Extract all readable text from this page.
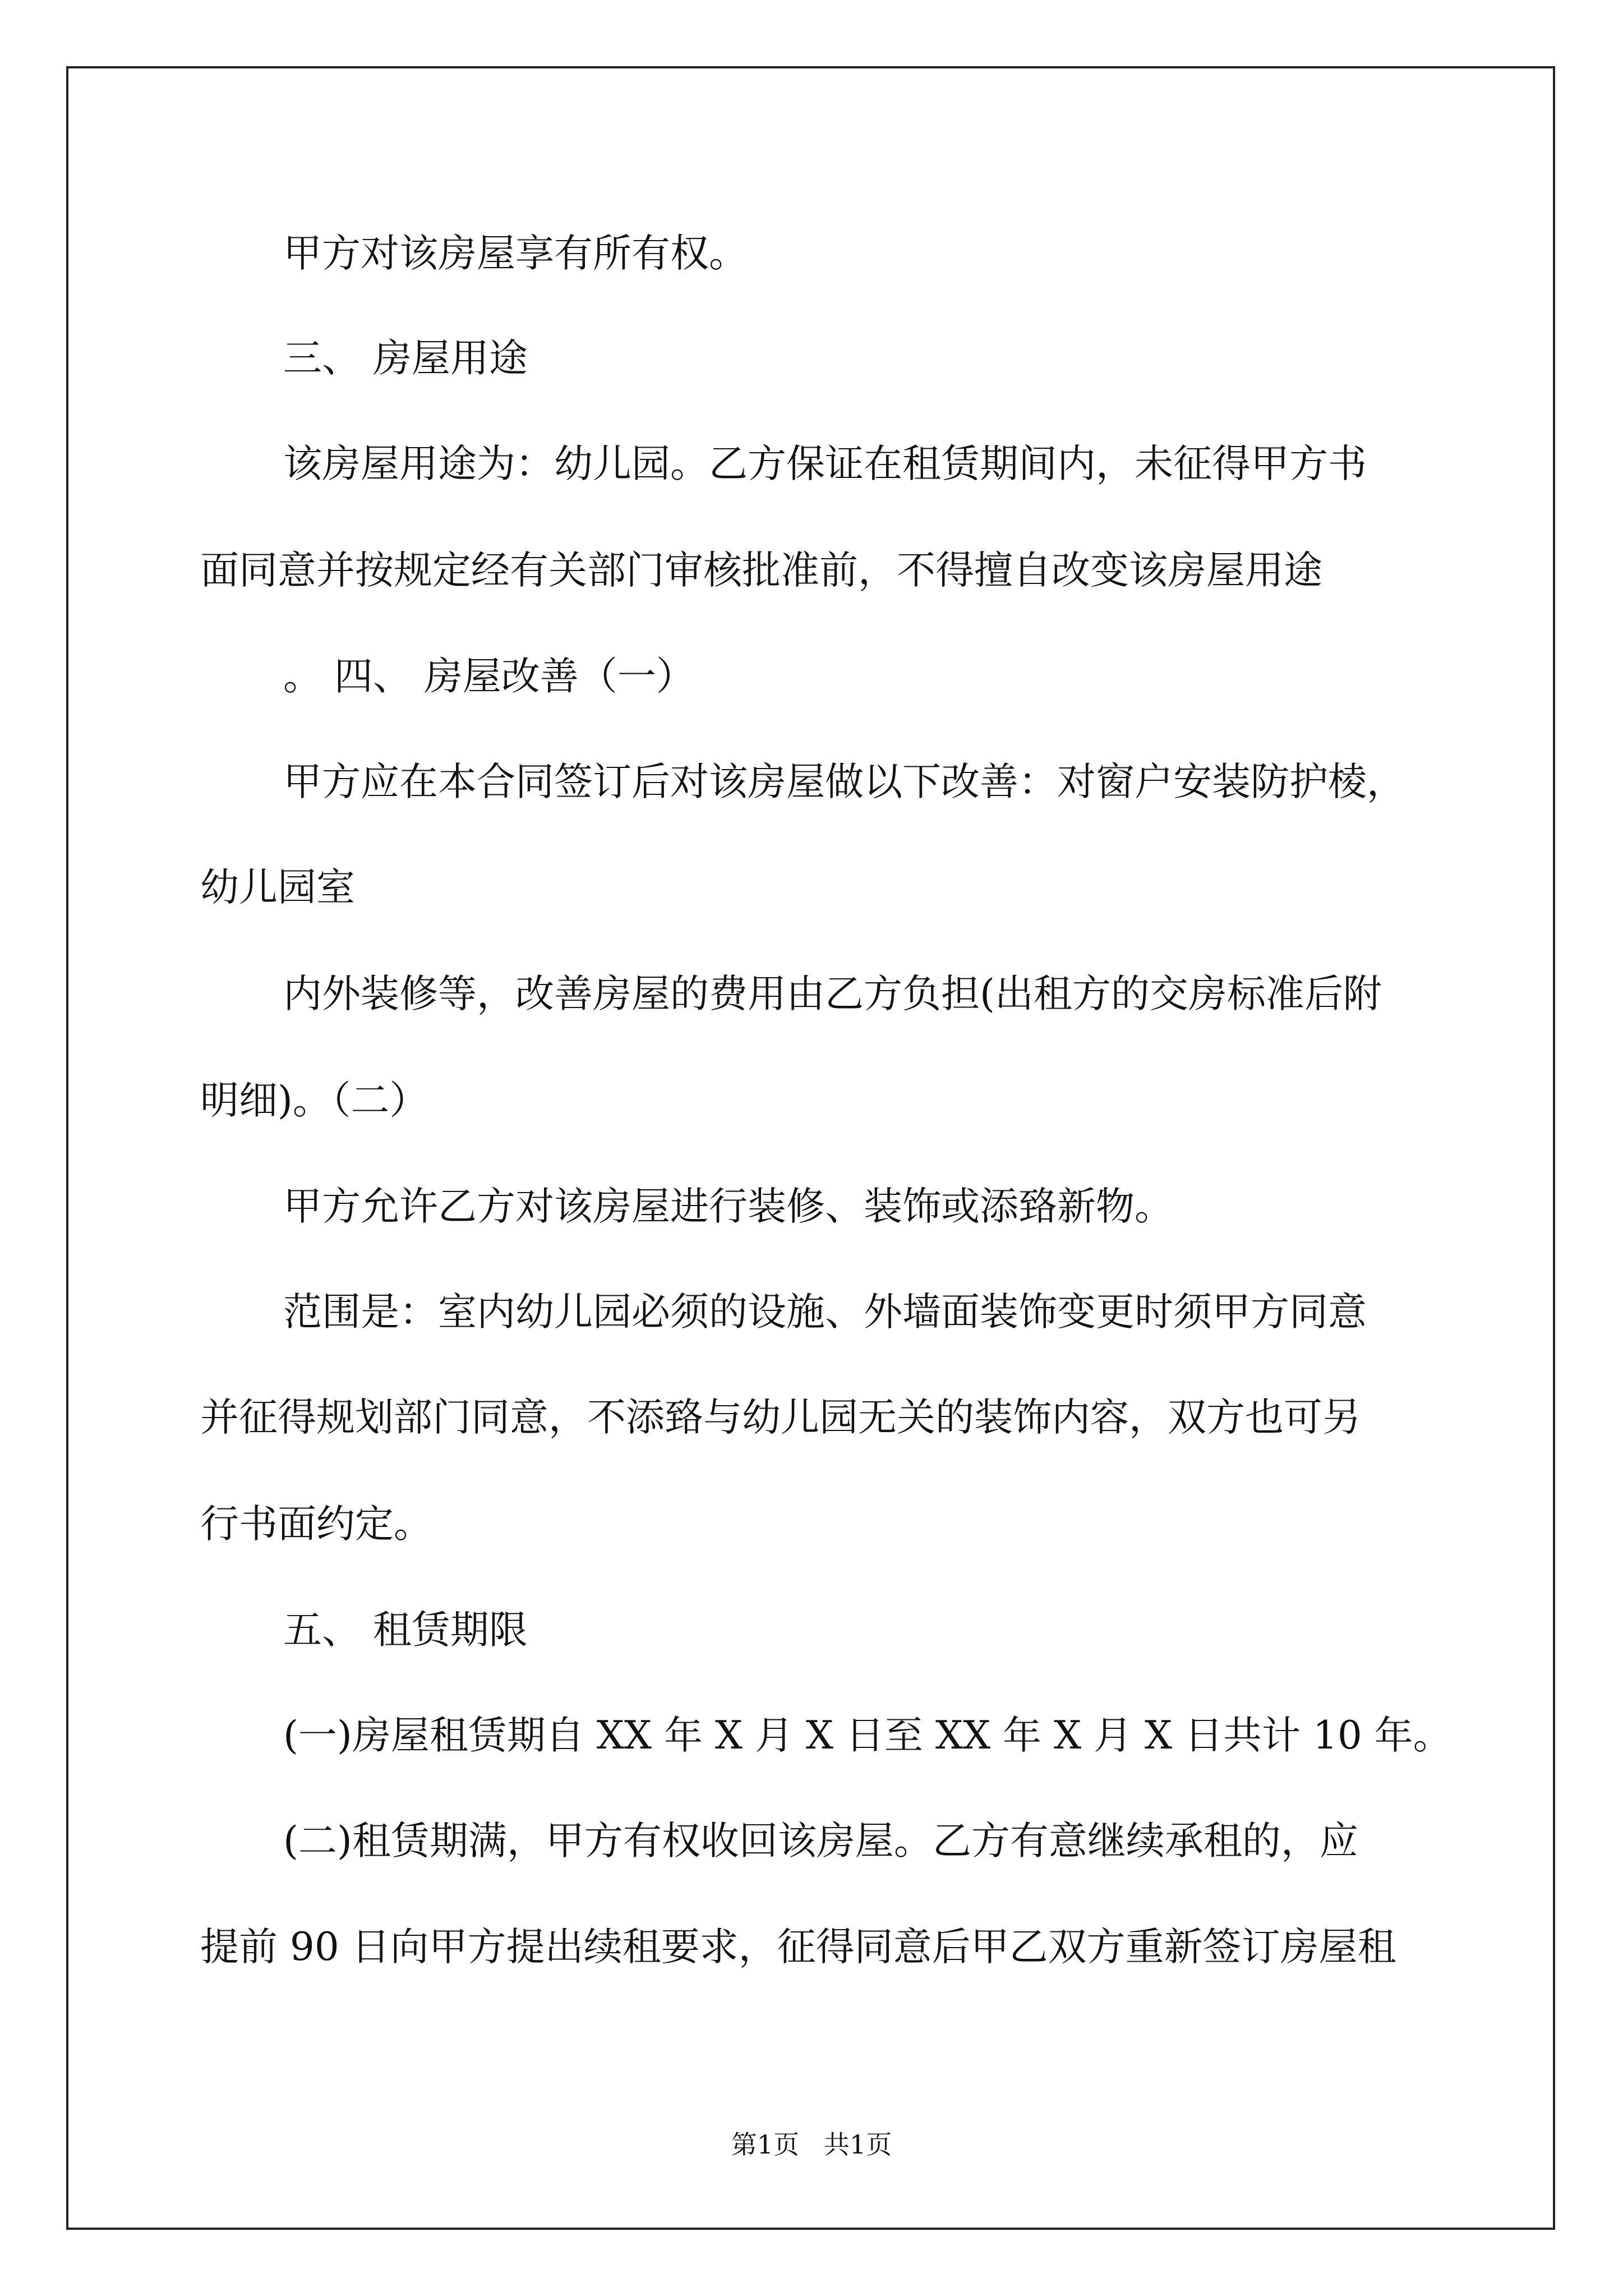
甲方对该房屋享有所有权。
三、 房屋用途
该房屋用途为：幼儿园。乙方保证在租赁期间内，未征得甲方书
面同意并按规定经有关部门审核批准前，不得擅自改变该房屋用途
。 四、 房屋改善（一）
甲方应在本合同签订后对该房屋做以下改善：对窗户安装防护棱，
幼儿园室
内外装修等，改善房屋的费用由乙方负担(出租方的交房标准后附
明细)。（二）
甲方允许乙方对该房屋进行装修、装饰或添臵新物。
范围是：室内幼儿园必须的设施、外墙面装饰变更时须甲方同意
并征得规划部门同意，不添臵与幼儿园无关的装饰内容，双方也可另
行书面约定。
五、 租赁期限
(一)房屋租赁期自 XX 年 X 月 X 日至 XX 年 X 月 X 日共计 10 年。
(二)租赁期满，甲方有权收回该房屋。乙方有意继续承租的，应
提前 90 日向甲方提出续租要求，征得同意后甲乙双方重新签订房屋租
第1页   共1页
